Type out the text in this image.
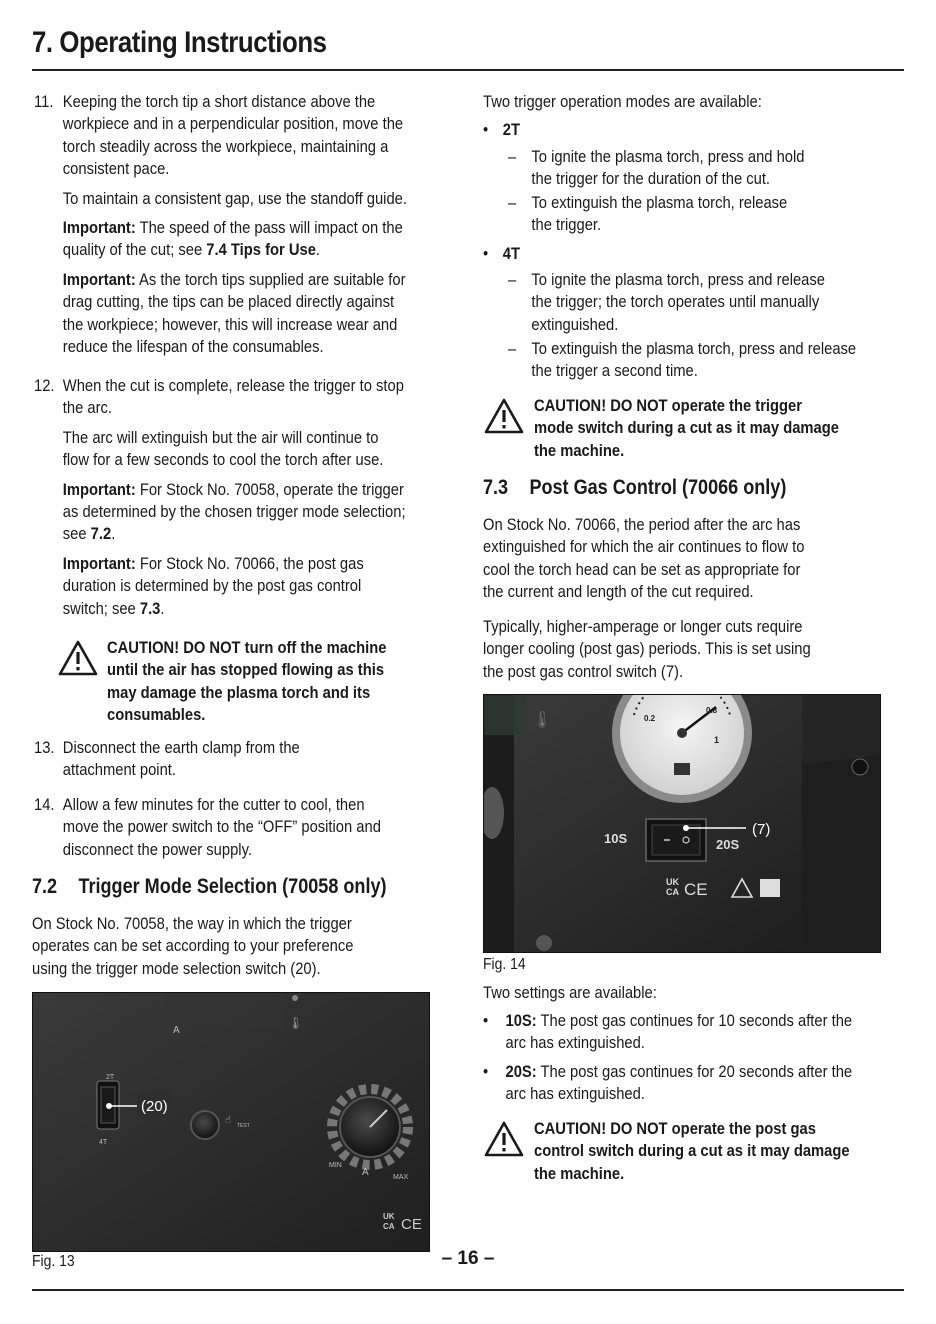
7. Operating Instructions
11. Keeping the torch tip a short distance above the
workpiece and in a perpendicular position, move the
torch steadily across the workpiece, maintaining a
consistent pace.
To maintain a consistent gap, use the standoff guide.
Important: The speed of the pass will impact on the
quality of the cut; see 7.4 Tips for Use.
Important: As the torch tips supplied are suitable for
drag cutting, the tips can be placed directly against
the workpiece; however, this will increase wear and
reduce the lifespan of the consumables.
12. When the cut is complete, release the trigger to stop
the arc.
The arc will extinguish but the air will continue to
flow for a few seconds to cool the torch after use.
Important: For Stock No. 70058, operate the trigger
as determined by the chosen trigger mode selection;
see 7.2.
Important: For Stock No. 70066, the post gas
duration is determined by the post gas control
switch; see 7.3.
CAUTION! DO NOT turn off the machine
until the air has stopped flowing as this
may damage the plasma torch and its
consumables.
13. Disconnect the earth clamp from the
attachment point.
14. Allow a few minutes for the cutter to cool, then
move the power switch to the “OFF” position and
disconnect the power supply.
7.2 Trigger Mode Selection (70058 only)
On Stock No. 70058, the way in which the trigger
operates can be set according to your preference
using the trigger mode selection switch (20).
A
🌡
2T
4T
(20)
☝ TEST
MIN
A	MAX
UK
CA CE
Fig. 13
Two trigger operation modes are available:
• 2T
– To ignite the plasma torch, press and hold
the trigger for the duration of the cut.
– To extinguish the plasma torch, release
the trigger.
• 4T
– To ignite the plasma torch, press and release
the trigger; the torch operates until manually
extinguished.
– To extinguish the plasma torch, press and release
the trigger a second time.
CAUTION! DO NOT operate the trigger
mode switch during a cut as it may damage
the machine.
7.3 Post Gas Control (70066 only)
On Stock No. 70066, the period after the arc has
extinguished for which the air continues to flow to
cool the torch head can be set as appropriate for
the current and length of the cut required.
Typically, higher-amperage or longer cuts require
longer cooling (post gas) periods. This is set using
the post gas control switch (7).
🌡	0.2
0.8
1
10S	20S
(7)
UK
CA CE
Fig. 14
Two settings are available:
• 10S: The post gas continues for 10 seconds after the
arc has extinguished.
• 20S: The post gas continues for 20 seconds after the
arc has extinguished.
CAUTION! DO NOT operate the post gas
control switch during a cut as it may damage
the machine.
– 16 –
